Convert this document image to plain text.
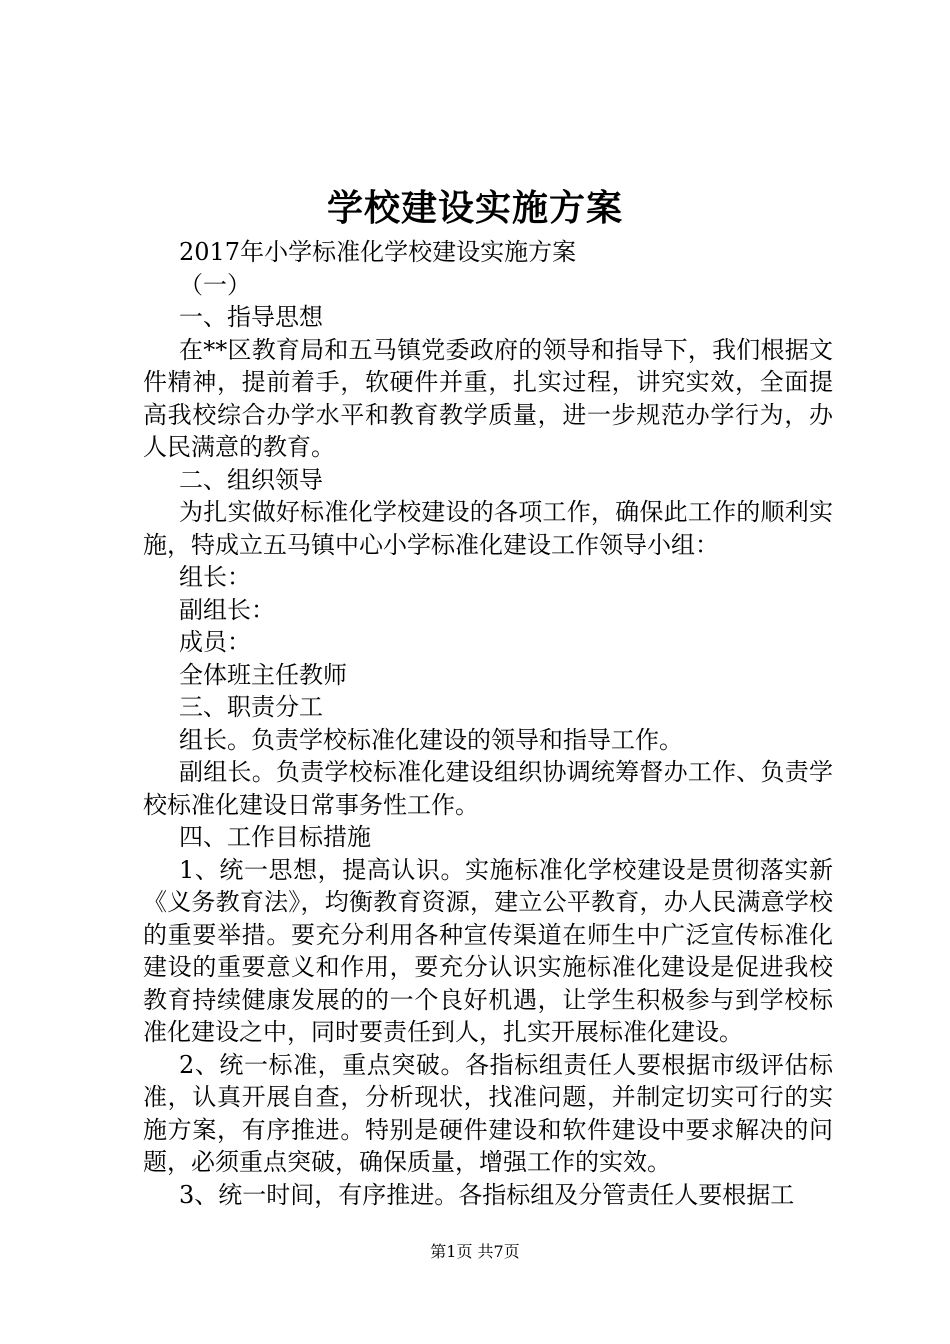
学校建设实施方案

2017年小学标准化学校建设实施方案

（一）

一、指导思想

在**区教育局和五马镇党委政府的领导和指导下，我们根据文件精神，提前着手，软硬件并重，扎实过程，讲究实效，全面提高我校综合办学水平和教育教学质量，进一步规范办学行为，办人民满意的教育。

二、组织领导

为扎实做好标准化学校建设的各项工作，确保此工作的顺利实施，特成立五马镇中心小学标准化建设工作领导小组：

组长：

副组长：

成员：

全体班主任教师

三、职责分工

组长。负责学校标准化建设的领导和指导工作。

副组长。负责学校标准化建设组织协调统筹督办工作、负责学校标准化建设日常事务性工作。

四、工作目标措施

1、统一思想，提高认识。实施标准化学校建设是贯彻落实新《义务教育法》，均衡教育资源，建立公平教育，办人民满意学校的重要举措。要充分利用各种宣传渠道在师生中广泛宣传标准化建设的重要意义和作用，要充分认识实施标准化建设是促进我校教育持续健康发展的的一个良好机遇，让学生积极参与到学校标准化建设之中，同时要责任到人，扎实开展标准化建设。

2、统一标准，重点突破。各指标组责任人要根据市级评估标准，认真开展自查，分析现状，找准问题，并制定切实可行的实施方案，有序推进。特别是硬件建设和软件建设中要求解决的问题，必须重点突破，确保质量，增强工作的实效。

3、统一时间，有序推进。各指标组及分管责任人要根据工

第1页 共7页
